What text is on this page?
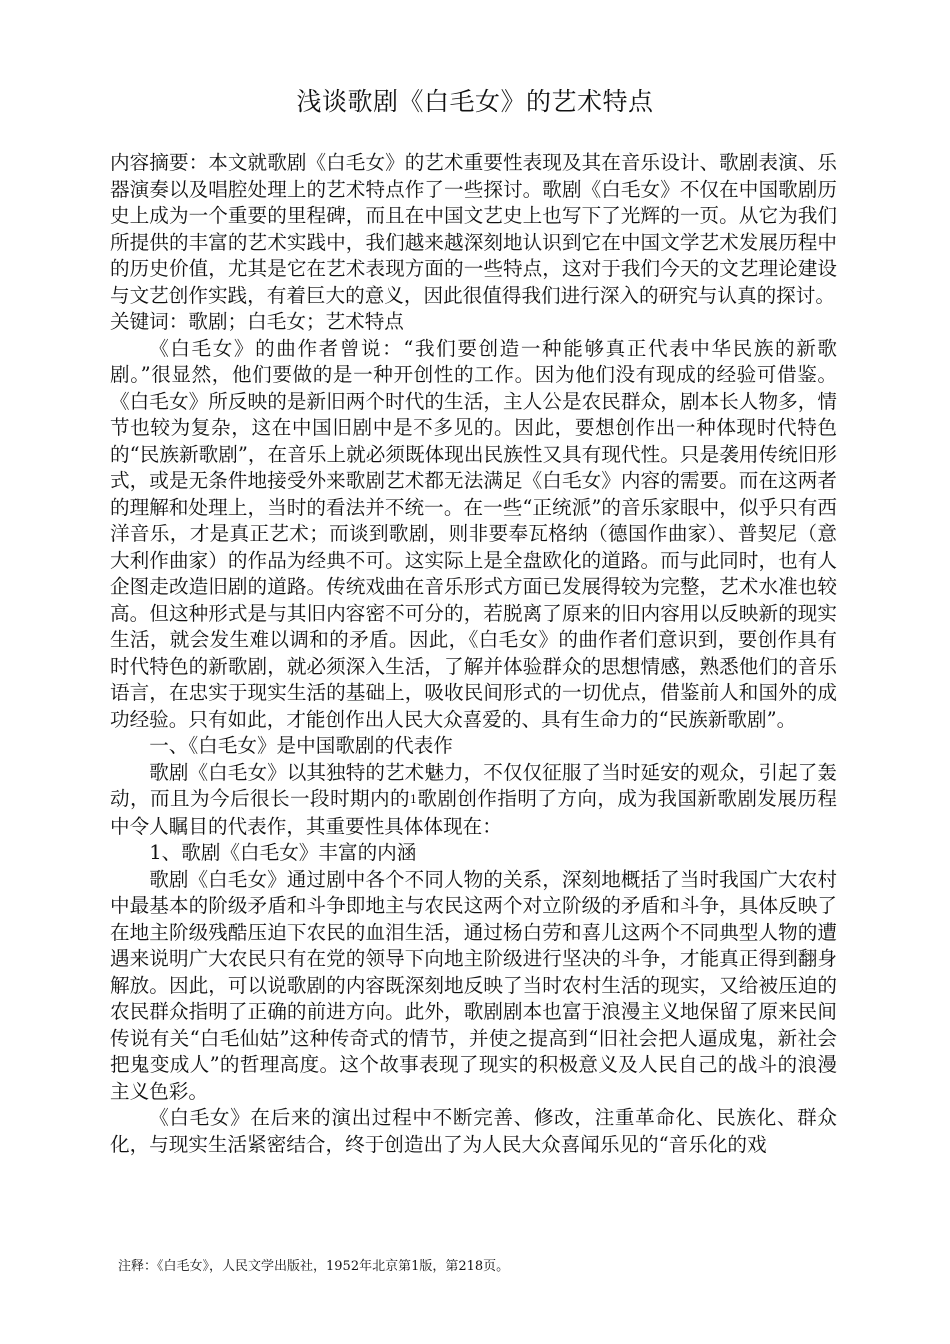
浅谈歌剧《白毛女》的艺术特点

内容摘要：本文就歌剧《白毛女》的艺术重要性表现及其在音乐设计、歌剧表演、乐器演奏以及唱腔处理上的艺术特点作了一些探讨。歌剧《白毛女》不仅在中国歌剧历史上成为一个重要的里程碑，而且在中国文艺史上也写下了光辉的一页。从它为我们所提供的丰富的艺术实践中，我们越来越深刻地认识到它在中国文学艺术发展历程中的历史价值，尤其是它在艺术表现方面的一些特点，这对于我们今天的文艺理论建设与文艺创作实践，有着巨大的意义，因此很值得我们进行深入的研究与认真的探讨。

关键词：歌剧；白毛女；艺术特点

《白毛女》的曲作者曾说：“我们要创造一种能够真正代表中华民族的新歌剧。”很显然，他们要做的是一种开创性的工作。因为他们没有现成的经验可借鉴。《白毛女》所反映的是新旧两个时代的生活，主人公是农民群众，剧本长人物多，情节也较为复杂，这在中国旧剧中是不多见的。因此，要想创作出一种体现时代特色的“民族新歌剧”，在音乐上就必须既体现出民族性又具有现代性。只是袭用传统旧形式，或是无条件地接受外来歌剧艺术都无法满足《白毛女》内容的需要。而在这两者的理解和处理上，当时的看法并不统一。在一些“正统派”的音乐家眼中，似乎只有西洋音乐，才是真正艺术；而谈到歌剧，则非要奉瓦格纳（德国作曲家）、普契尼（意大利作曲家）的作品为经典不可。这实际上是全盘欧化的道路。而与此同时，也有人企图走改造旧剧的道路。传统戏曲在音乐形式方面已发展得较为完整，艺术水准也较高。但这种形式是与其旧内容密不可分的，若脱离了原来的旧内容用以反映新的现实生活，就会发生难以调和的矛盾。因此，《白毛女》的曲作者们意识到，要创作具有时代特色的新歌剧，就必须深入生活，了解并体验群众的思想情感，熟悉他们的音乐语言，在忠实于现实生活的基础上，吸收民间形式的一切优点，借鉴前人和国外的成功经验。只有如此，才能创作出人民大众喜爱的、具有生命力的“民族新歌剧”。

一、《白毛女》是中国歌剧的代表作

歌剧《白毛女》以其独特的艺术魅力，不仅仅征服了当时延安的观众，引起了轰动，而且为今后很长一段时期内的1歌剧创作指明了方向，成为我国新歌剧发展历程中令人瞩目的代表作，其重要性具体体现在：

1、歌剧《白毛女》丰富的内涵

歌剧《白毛女》通过剧中各个不同人物的关系，深刻地概括了当时我国广大农村中最基本的阶级矛盾和斗争即地主与农民这两个对立阶级的矛盾和斗争，具体反映了在地主阶级残酷压迫下农民的血泪生活，通过杨白劳和喜儿这两个不同典型人物的遭遇来说明广大农民只有在党的领导下向地主阶级进行坚决的斗争，才能真正得到翻身解放。因此，可以说歌剧的内容既深刻地反映了当时农村生活的现实，又给被压迫的农民群众指明了正确的前进方向。此外，歌剧剧本也富于浪漫主义地保留了原来民间传说有关“白毛仙姑”这种传奇式的情节，并使之提高到“旧社会把人逼成鬼，新社会把鬼变成人”的哲理高度。这个故事表现了现实的积极意义及人民自己的战斗的浪漫主义色彩。

《白毛女》在后来的演出过程中不断完善、修改，注重革命化、民族化、群众化，与现实生活紧密结合，终于创造出了为人民大众喜闻乐见的“音乐化的戏

注释：《白毛女》，人民文学出版社，1952年北京第1版，第218页。
